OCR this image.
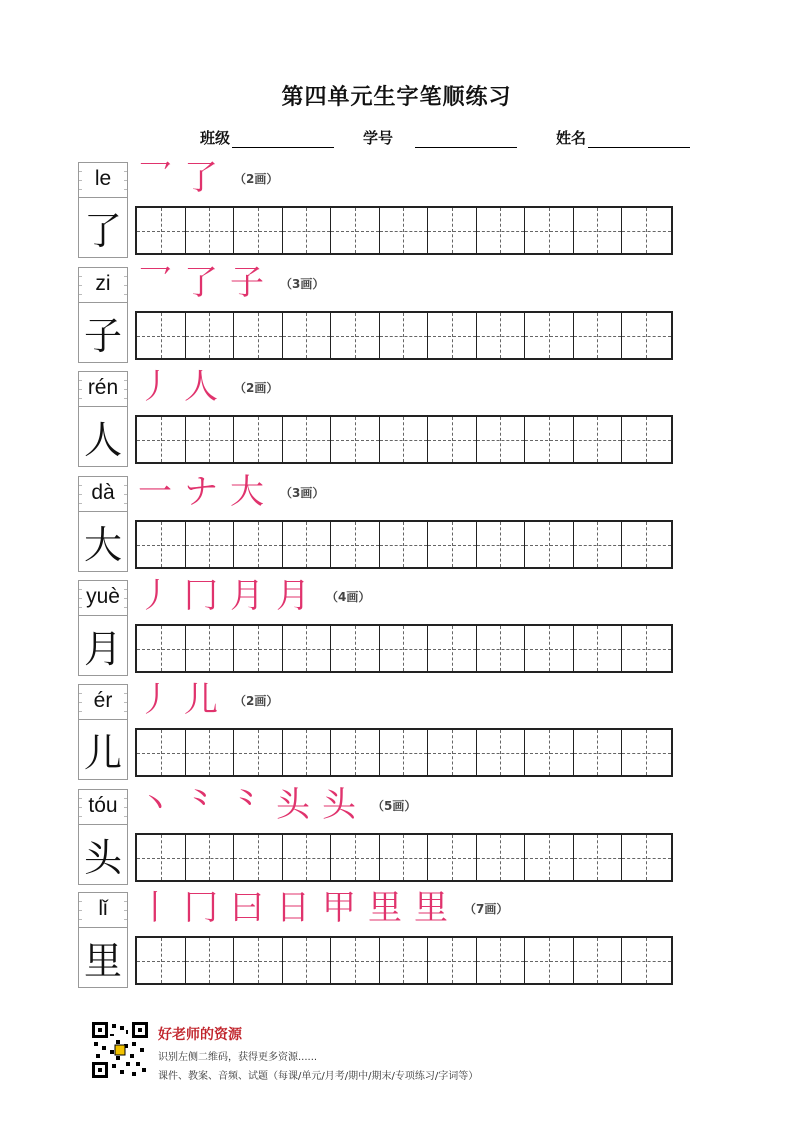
第四单元生字笔顺练习
班级	学号	姓名
le
了
乛 了 （2画）
zi
子
乛 了 子 （3画）
rén
人
丿 人 （2画）
dà
大
一 ナ 大 （3画）
yuè
月
丿 冂 月 月 （4画）
ér
儿
丿 儿 （2画）
tóu
头
丶 ⺀ ⺀ 头 头 （5画）
lǐ
里
丨 冂 曰 日 甲 里 里 （7画）
好老师的资源
识别左侧二维码，获得更多资源......
课件、教案、音频、试题（每课/单元/月考/期中/期末/专项练习/字词等）
